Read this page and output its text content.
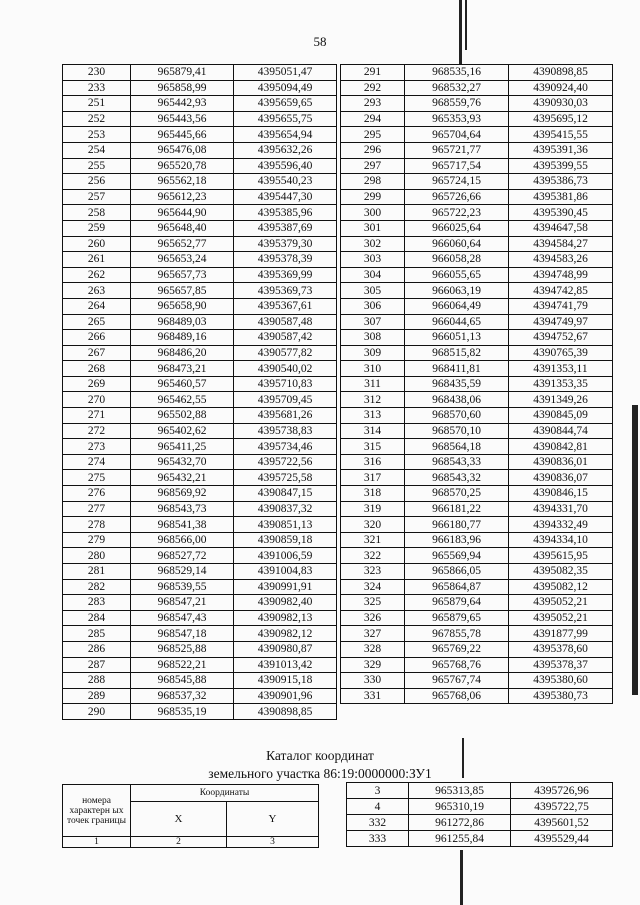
58
230	965879,41	4395051,47
233	965858,99	4395094,49
251	965442,93	4395659,65
252	965443,56	4395655,75
253	965445,66	4395654,94
254	965476,08	4395632,26
255	965520,78	4395596,40
256	965562,18	4395540,23
257	965612,23	4395447,30
258	965644,90	4395385,96
259	965648,40	4395387,69
260	965652,77	4395379,30
261	965653,24	4395378,39
262	965657,73	4395369,99
263	965657,85	4395369,73
264	965658,90	4395367,61
265	968489,03	4390587,48
266	968489,16	4390587,42
267	968486,20	4390577,82
268	968473,21	4390540,02
269	965460,57	4395710,83
270	965462,55	4395709,45
271	965502,88	4395681,26
272	965402,62	4395738,83
273	965411,25	4395734,46
274	965432,70	4395722,56
275	965432,21	4395725,58
276	968569,92	4390847,15
277	968543,73	4390837,32
278	968541,38	4390851,13
279	968566,00	4390859,18
280	968527,72	4391006,59
281	968529,14	4391004,83
282	968539,55	4390991,91
283	968547,21	4390982,40
284	968547,43	4390982,13
285	968547,18	4390982,12
286	968525,88	4390980,87
287	968522,21	4391013,42
288	968545,88	4390915,18
289	968537,32	4390901,96
290	968535,19	4390898,85
291	968535,16	4390898,85
292	968532,27	4390924,40
293	968559,76	4390930,03
294	965353,93	4395695,12
295	965704,64	4395415,55
296	965721,77	4395391,36
297	965717,54	4395399,55
298	965724,15	4395386,73
299	965726,66	4395381,86
300	965722,23	4395390,45
301	966025,64	4394647,58
302	966060,64	4394584,27
303	966058,28	4394583,26
304	966055,65	4394748,99
305	966063,19	4394742,85
306	966064,49	4394741,79
307	966044,65	4394749,97
308	966051,13	4394752,67
309	968515,82	4390765,39
310	968411,81	4391353,11
311	968435,59	4391353,35
312	968438,06	4391349,26
313	968570,60	4390845,09
314	968570,10	4390844,74
315	968564,18	4390842,81
316	968543,33	4390836,01
317	968543,32	4390836,07
318	968570,25	4390846,15
319	966181,22	4394331,70
320	966180,77	4394332,49
321	966183,96	4394334,10
322	965569,94	4395615,95
323	965866,05	4395082,35
324	965864,87	4395082,12
325	965879,64	4395052,21
326	965879,65	4395052,21
327	967855,78	4391877,99
328	965769,22	4395378,60
329	965768,76	4395378,37
330	965767,74	4395380,60
331	965768,06	4395380,73
Каталог координат
земельного участка 86:19:0000000:ЗУ1
номера характерн ых точек границы	Координаты	
	X	Y
1	2	3
3	965313,85	4395726,96
4	965310,19	4395722,75
332	961272,86	4395601,52
333	961255,84	4395529,44
